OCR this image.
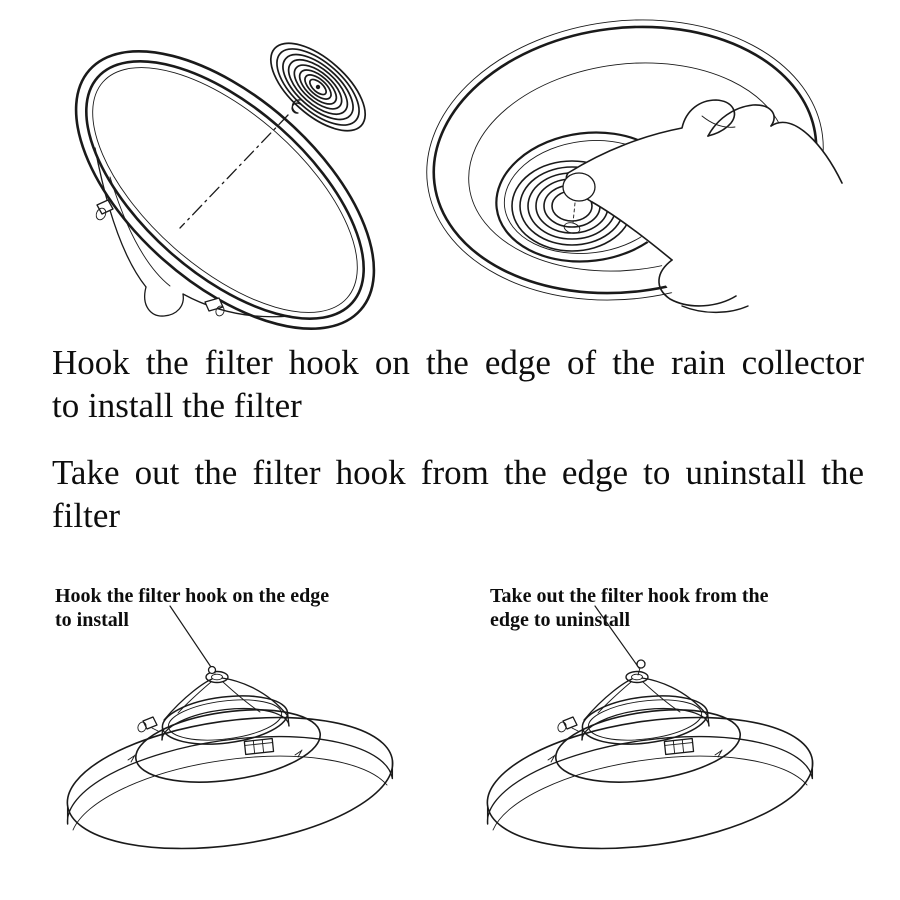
Hook the filter hook on the edge of the rain collector
to install the filter
Take out the filter hook from the edge to uninstall the
filter
Hook the filter hook on the edge
to install
Take out the filter hook from the
edge to uninstall
